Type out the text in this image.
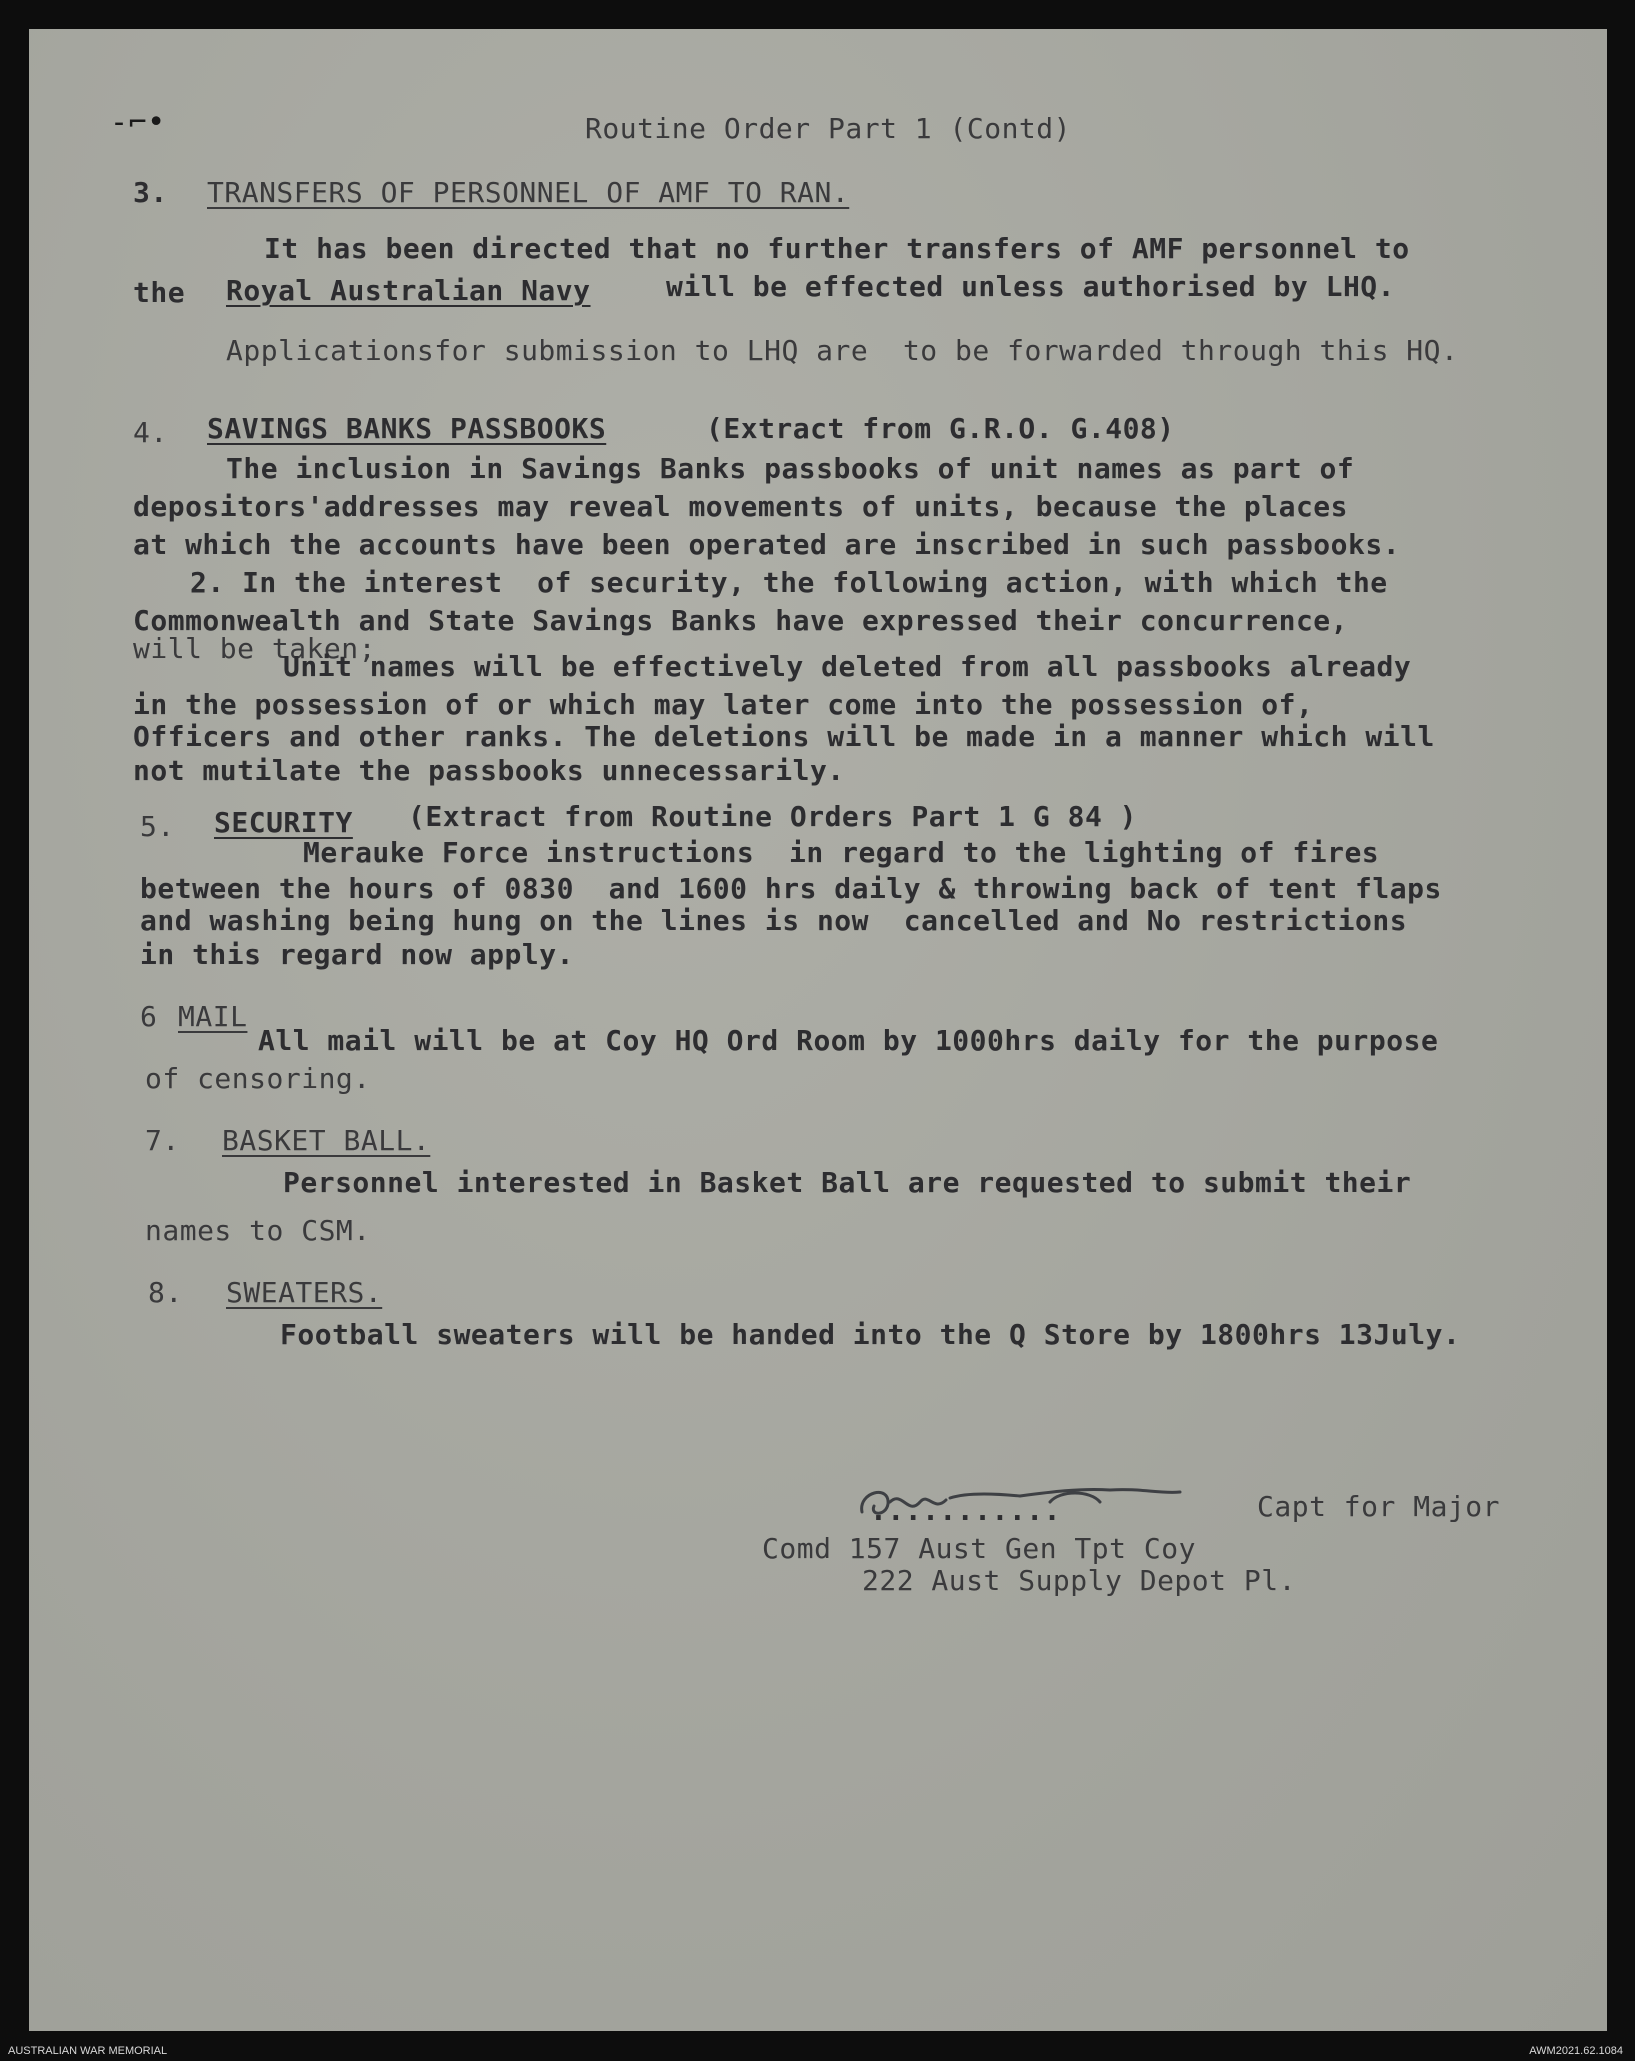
-⌐•	Routine Order Part 1 (Contd)
3. TRANSFERS OF PERSONNEL OF AMF TO RAN.
It has been directed that no further transfers of AMF personnel to
the Royal Australian Navy	will be effected unless authorised by LHQ.
Applicationsfor submission to LHQ are  to be forwarded through this HQ.
4. SAVINGS BANKS PASSBOOKS	(Extract from G.R.O. G.408)
The inclusion in Savings Banks passbooks of unit names as part of
depositors'addresses may reveal movements of units, because the places
at which the accounts have been operated are inscribed in such passbooks.
2. In the interest  of security, the following action, with which the
Commonwealth and State Savings Banks have expressed their concurrence,
will be taken;
Unit names will be effectively deleted from all passbooks already
in the possession of or which may later come into the possession of,
Officers and other ranks. The deletions will be made in a manner which will
not mutilate the passbooks unnecessarily.
5. SECURITY (Extract from Routine Orders Part 1 G 84 )
Merauke Force instructions  in regard to the lighting of fires
between the hours of 0830  and 1600 hrs daily & throwing back of tent flaps
and washing being hung on the lines is now  cancelled and No restrictions
in this regard now apply.
6 MAIL
All mail will be at Coy HQ Ord Room by 1000hrs daily for the purpose
of censoring.
7. BASKET BALL.
Personnel interested in Basket Ball are requested to submit their
names to CSM.
8. SWEATERS.
Football sweaters will be handed into the Q Store by 1800hrs 13July.
...........	Capt for Major
Comd 157 Aust Gen Tpt Coy
222 Aust Supply Depot Pl.
AUSTRALIAN WAR MEMORIAL	AWM2021.62.1084
